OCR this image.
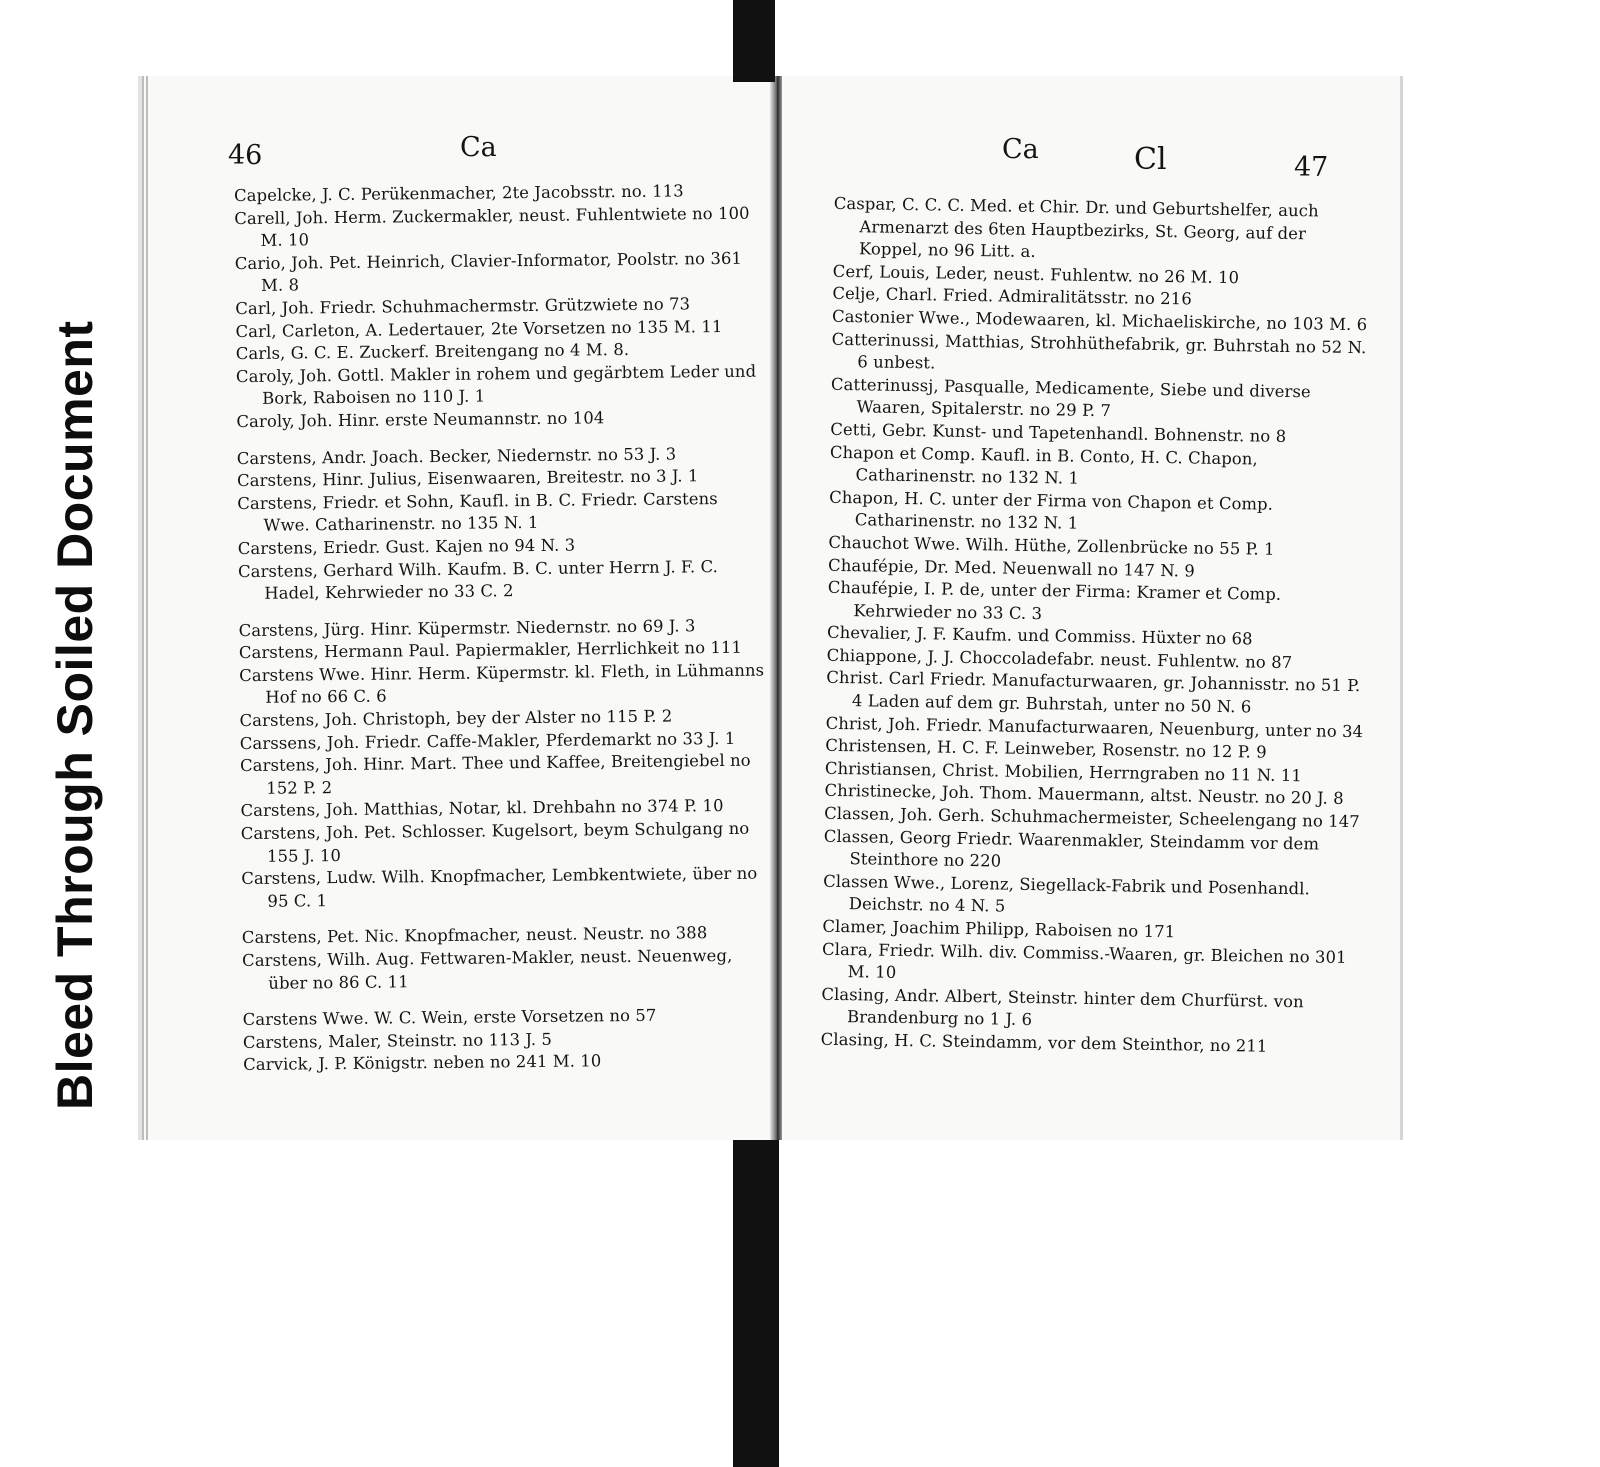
Bleed Through Soiled Document
46	Ca
Capelcke, J. C. Perükenmacher, 2te Jacobsstr. no. 113
Carell, Joh. Herm. Zuckermakler, neust. Fuhlentwiete no 100 M. 10
Cario, Joh. Pet. Heinrich, Clavier-Informator, Poolstr. no 361 M. 8
Carl, Joh. Friedr. Schuhmachermstr. Grützwiete no 73
Carl, Carleton, A. Ledertauer, 2te Vorsetzen no 135 M. 11
Carls, G. C. E. Zuckerf. Breitengang no 4 M. 8.
Caroly, Joh. Gottl. Makler in rohem und gegärbtem Leder und Bork, Raboisen no 110 J. 1
Caroly, Joh. Hinr. erste Neumannstr. no 104
Carstens, Andr. Joach. Becker, Niedernstr. no 53 J. 3
Carstens, Hinr. Julius, Eisenwaaren, Breitestr. no 3 J. 1
Carstens, Friedr. et Sohn, Kaufl. in B. C. Friedr. Carstens Wwe. Catharinenstr. no 135 N. 1
Carstens, Eriedr. Gust. Kajen no 94 N. 3
Carstens, Gerhard Wilh. Kaufm. B. C. unter Herrn J. F. C. Hadel, Kehrwieder no 33 C. 2
Carstens, Jürg. Hinr. Küpermstr. Niedernstr. no 69 J. 3
Carstens, Hermann Paul. Papiermakler, Herrlichkeit no 111
Carstens Wwe. Hinr. Herm. Küpermstr. kl. Fleth, in Lühmanns Hof no 66 C. 6
Carstens, Joh. Christoph, bey der Alster no 115 P. 2
Carssens, Joh. Friedr. Caffe-Makler, Pferdemarkt no 33 J. 1
Carstens, Joh. Hinr. Mart. Thee und Kaffee, Breitengiebel no 152 P. 2
Carstens, Joh. Matthias, Notar, kl. Drehbahn no 374 P. 10
Carstens, Joh. Pet. Schlosser. Kugelsort, beym Schulgang no 155 J. 10
Carstens, Ludw. Wilh. Knopfmacher, Lembkentwiete, über no 95 C. 1
Carstens, Pet. Nic. Knopfmacher, neust. Neustr. no 388
Carstens, Wilh. Aug. Fettwaren-Makler, neust. Neuenweg, über no 86 C. 11
Carstens Wwe. W. C. Wein, erste Vorsetzen no 57
Carstens, Maler, Steinstr. no 113 J. 5
Carvick, J. P. Königstr. neben no 241 M. 10
Ca	Cl	47
Caspar, C. C. C. Med. et Chir. Dr. und Geburtshelfer, auch Armenarzt des 6ten Hauptbezirks, St. Georg, auf der Koppel, no 96 Litt. a.
Cerf, Louis, Leder, neust. Fuhlentw. no 26 M. 10
Celje, Charl. Fried. Admiralitätsstr. no 216
Castonier Wwe., Modewaaren, kl. Michaeliskirche, no 103 M. 6
Catterinussi, Matthias, Strohhüthefabrik, gr. Buhrstah no 52 N. 6 unbest.
Catterinussj, Pasqualle, Medicamente, Siebe und diverse Waaren, Spitalerstr. no 29 P. 7
Cetti, Gebr. Kunst- und Tapetenhandl. Bohnenstr. no 8
Chapon et Comp. Kaufl. in B. Conto, H. C. Chapon, Catharinenstr. no 132 N. 1
Chapon, H. C. unter der Firma von Chapon et Comp. Catharinenstr. no 132 N. 1
Chauchot Wwe. Wilh. Hüthe, Zollenbrücke no 55 P. 1
Chaufépie, Dr. Med. Neuenwall no 147 N. 9
Chaufépie, I. P. de, unter der Firma: Kramer et Comp. Kehrwieder no 33 C. 3
Chevalier, J. F. Kaufm. und Commiss. Hüxter no 68
Chiappone, J. J. Choccoladefabr. neust. Fuhlentw. no 87
Christ. Carl Friedr. Manufacturwaaren, gr. Johannisstr. no 51 P. 4 Laden auf dem gr. Buhrstah, unter no 50 N. 6
Christ, Joh. Friedr. Manufacturwaaren, Neuenburg, unter no 34
Christensen, H. C. F. Leinweber, Rosenstr. no 12 P. 9
Christiansen, Christ. Mobilien, Herrngraben no 11 N. 11
Christinecke, Joh. Thom. Mauermann, altst. Neustr. no 20 J. 8
Classen, Joh. Gerh. Schuhmachermeister, Scheelengang no 147
Classen, Georg Friedr. Waarenmakler, Steindamm vor dem Steinthore no 220
Classen Wwe., Lorenz, Siegellack-Fabrik und Posenhandl. Deichstr. no 4 N. 5
Clamer, Joachim Philipp, Raboisen no 171
Clara, Friedr. Wilh. div. Commiss.-Waaren, gr. Bleichen no 301 M. 10
Clasing, Andr. Albert, Steinstr. hinter dem Churfürst. von Brandenburg no 1 J. 6
Clasing, H. C. Steindamm, vor dem Steinthor, no 211
